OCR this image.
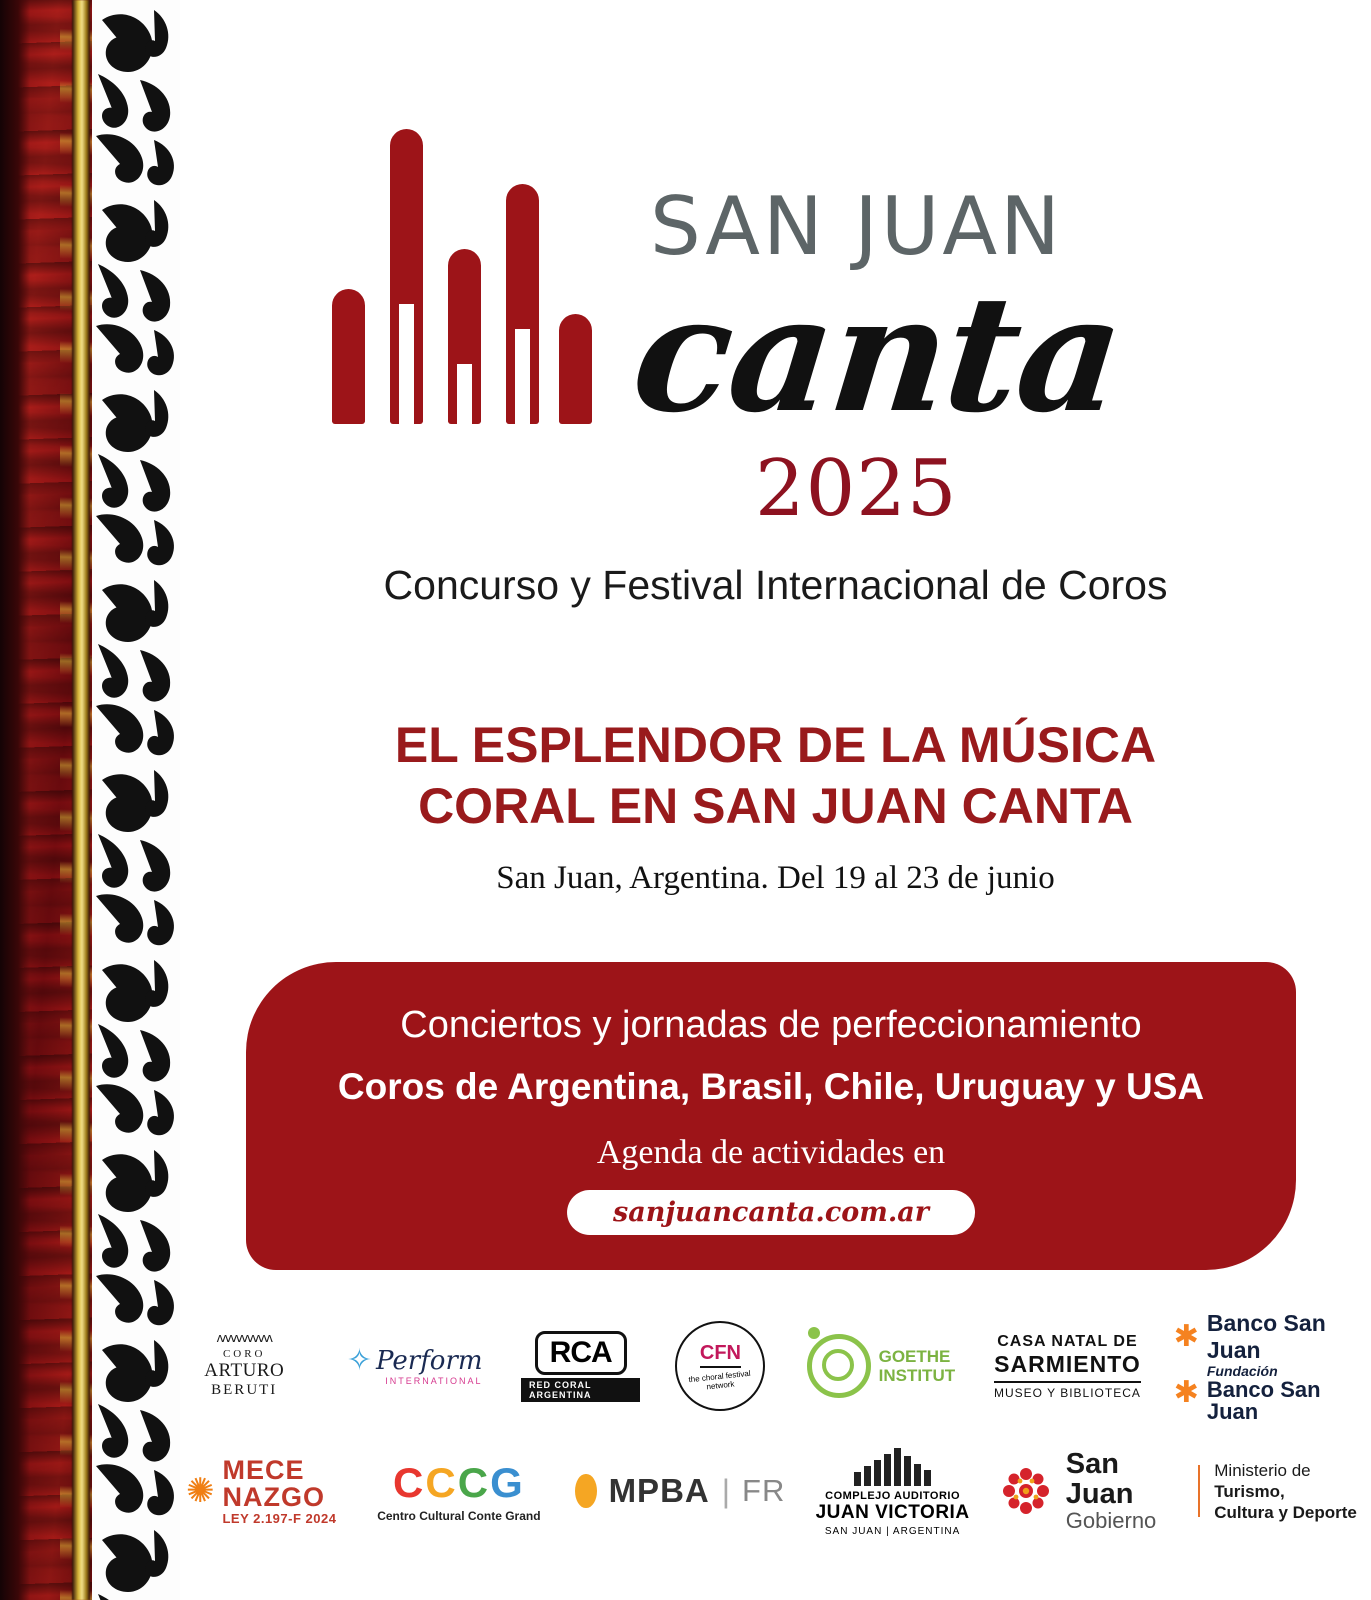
SAN JUAN
canta
2025
Concurso y Festival Internacional de Coros
EL ESPLENDOR DE LA MÚSICA
CORAL EN SAN JUAN CANTA
San Juan, Argentina. Del 19 al 23 de junio
Conciertos y jornadas de perfeccionamiento
Coros de Argentina, Brasil, Chile, Uruguay y USA
Agenda de actividades en
sanjuancanta.com.ar
ʌʌʌʌʌʌʌʌʌʌ
CORO
ARTURO
BERUTI
✧ Perform
INTERNATIONAL
RCA
RED CORAL ARGENTINA
CFN
the choral festival network
GOETHE
INSTITUT
CASA NATAL DE
SARMIENTO
MUSEO Y BIBLIOTECA
✱ Banco San Juan
✱
Fundación
Banco San Juan
✺
MECE
NAZGO
LEY 2.197-F 2024
CCCG
Centro Cultural Conte Grand
MPBA | FR	COMPLEJO AUDITORIO
JUAN VICTORIA
SAN JUAN | ARGENTINA
San Juan
Gobierno
Ministerio de Turismo,
Cultura y Deporte
